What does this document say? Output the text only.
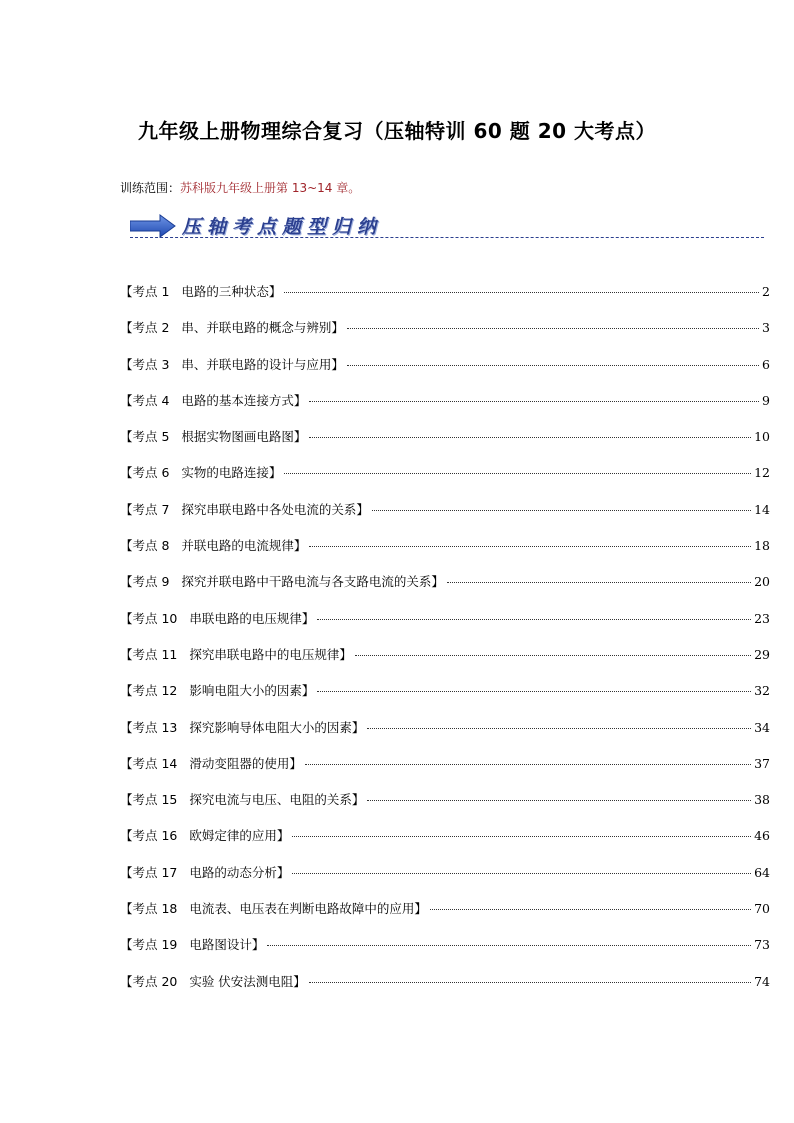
九年级上册物理综合复习（压轴特训 60 题 20 大考点）
训练范围：苏科版九年级上册第 13~14 章。
压轴考点题型归纳
【考点 1 电路的三种状态】	2
【考点 2 串、并联电路的概念与辨别】	3
【考点 3 串、并联电路的设计与应用】	6
【考点 4 电路的基本连接方式】	9
【考点 5 根据实物图画电路图】	10
【考点 6 实物的电路连接】	12
【考点 7 探究串联电路中各处电流的关系】	14
【考点 8 并联电路的电流规律】	18
【考点 9 探究并联电路中干路电流与各支路电流的关系】	20
【考点 10 串联电路的电压规律】	23
【考点 11 探究串联电路中的电压规律】	29
【考点 12 影响电阻大小的因素】	32
【考点 13 探究影响导体电阻大小的因素】	34
【考点 14 滑动变阻器的使用】	37
【考点 15 探究电流与电压、电阻的关系】	38
【考点 16 欧姆定律的应用】	46
【考点 17 电路的动态分析】	64
【考点 18 电流表、电压表在判断电路故障中的应用】	70
【考点 19 电路图设计】	73
【考点 20 实验 伏安法测电阻】	74
